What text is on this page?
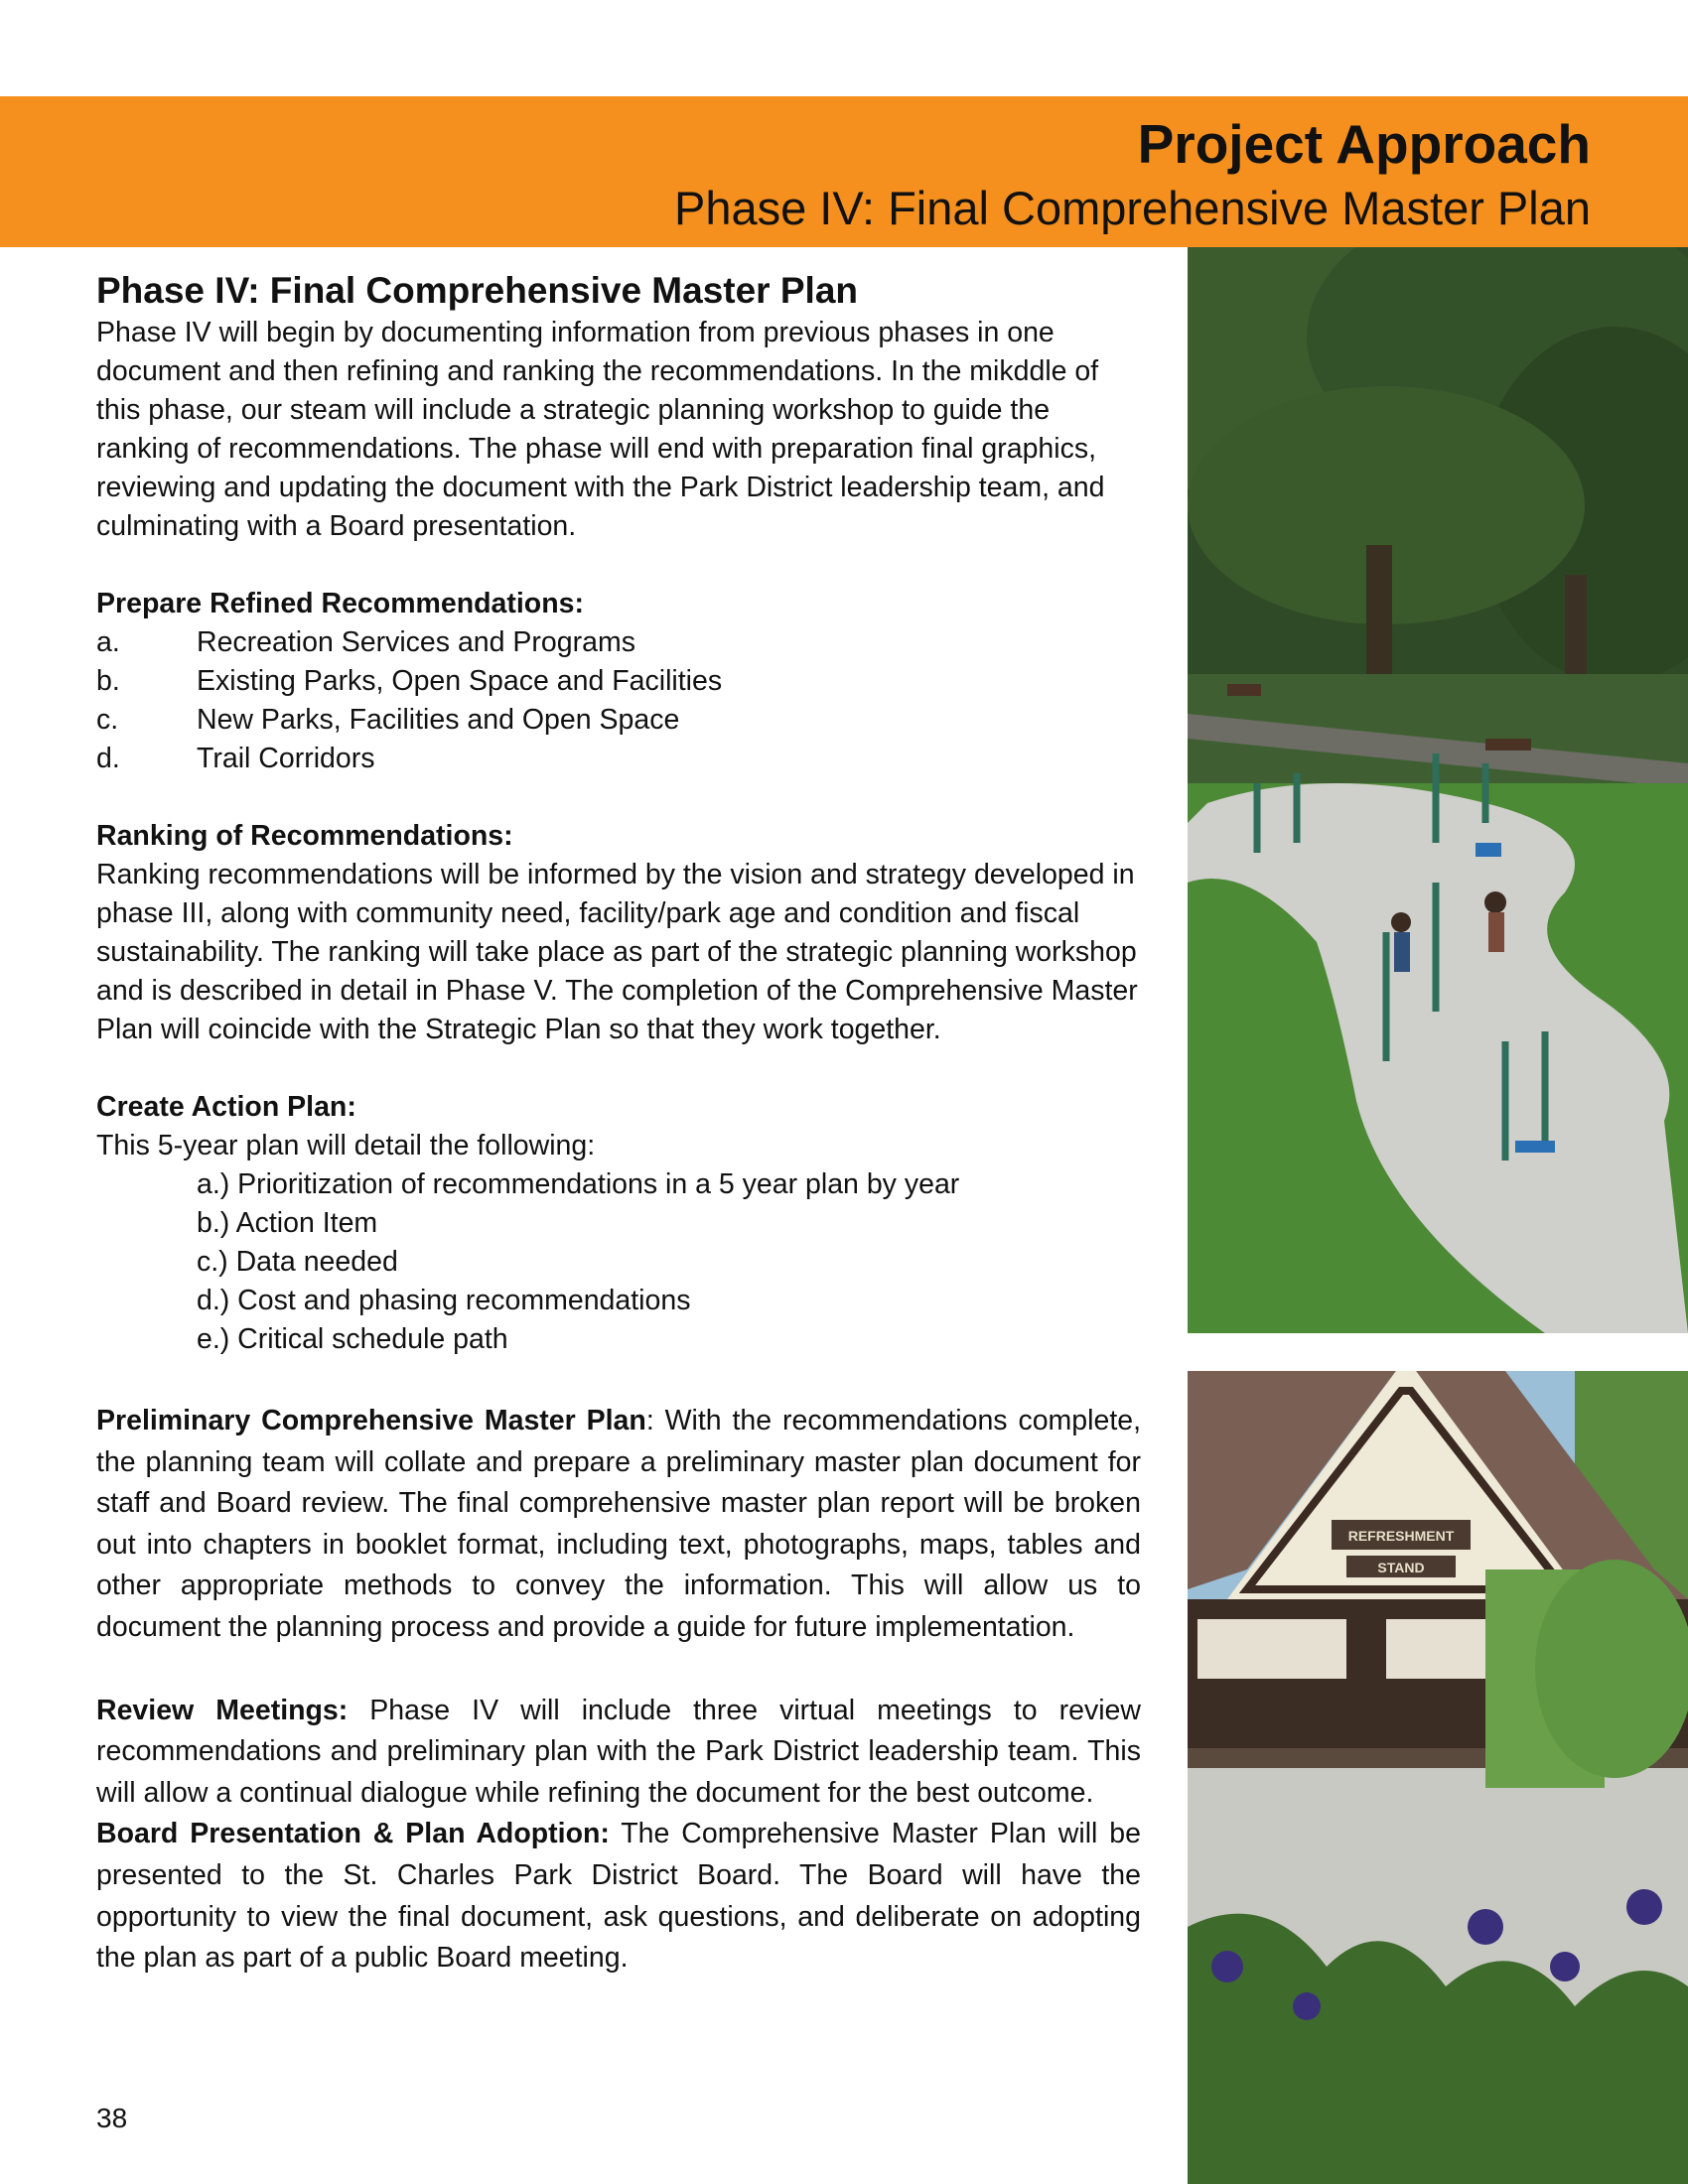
Project Approach
Phase IV: Final Comprehensive Master Plan

Phase IV: Final Comprehensive Master Plan

Phase IV will begin by documenting information from previous phases in one document and then refining and ranking the recommendations. In the mikddle of this phase, our steam will include a strategic planning workshop to guide the ranking of recommendations. The phase will end with preparation final graphics, reviewing and updating the document with the Park District leadership team, and culminating with a Board presentation.

Prepare Refined Recommendations:

a.	Recreation Services and Programs
b.	Existing Parks, Open Space and Facilities
c.	New Parks, Facilities and Open Space
d.	Trail Corridors

Ranking of Recommendations:

Ranking recommendations will be informed by the vision and strategy developed in phase III, along with community need, facility/park age and condition and fiscal sustainability. The ranking will take place as part of the strategic planning workshop and is described in detail in Phase V. The completion of the Comprehensive Master Plan will coincide with the Strategic Plan so that they work together.

Create Action Plan:

This 5-year plan will detail the following:

a.) Prioritization of recommendations in a 5 year plan by year

b.) Action Item

c.) Data needed

d.) Cost and phasing recommendations

e.) Critical schedule path

Preliminary Comprehensive Master Plan: With the recommendations complete, the planning team will collate and prepare a preliminary master plan document for staff and Board review. The final comprehensive master plan report will be broken out into chapters in booklet format, including text, photographs, maps, tables and other appropriate methods to convey the information. This will allow us to document the planning process and provide a guide for future implementation.

Review Meetings: Phase IV will include three virtual meetings to review recommendations and preliminary plan with the Park District leadership team. This will allow a continual dialogue while refining the document for the best outcome.

Board Presentation & Plan Adoption: The Comprehensive Master Plan will be presented to the St. Charles Park District Board. The Board will have the opportunity to view the final document, ask questions, and deliberate on adopting the plan as part of a public Board meeting.

38
REFRESHMENT
STAND
